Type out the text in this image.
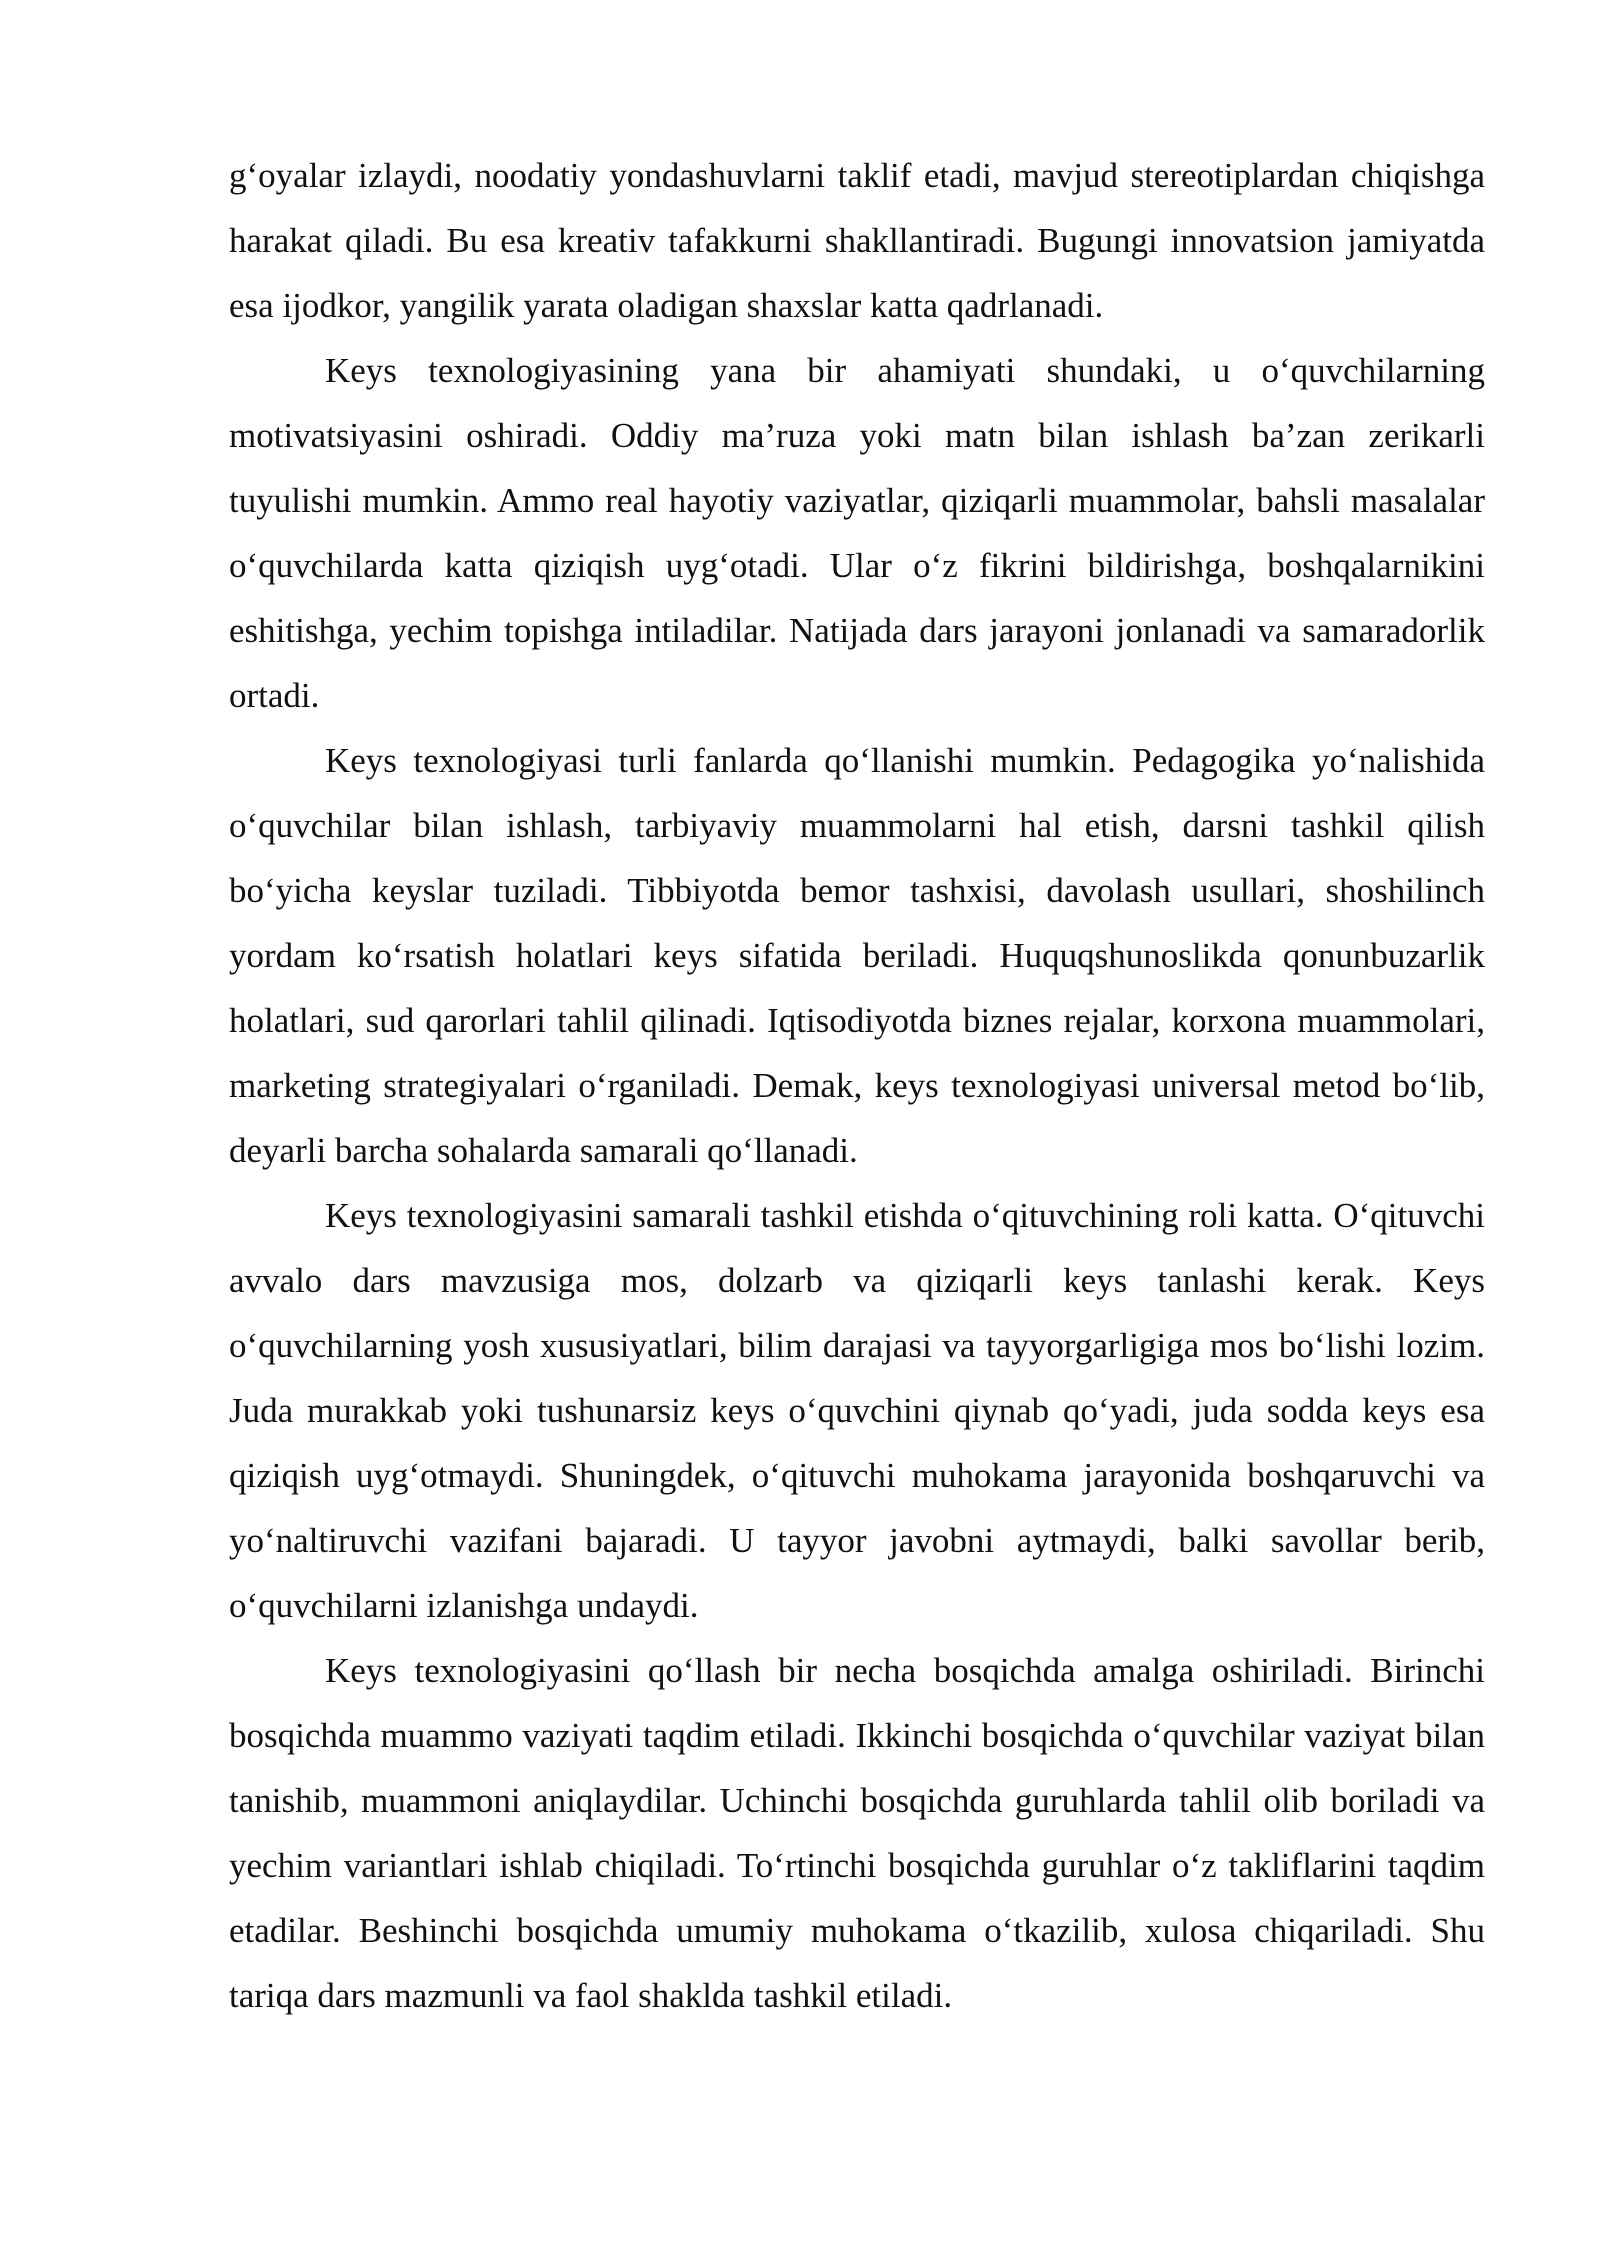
g‘oyalar izlaydi, noodatiy yondashuvlarni taklif etadi, mavjud stereotiplardan chiqishga harakat qiladi. Bu esa kreativ tafakkurni shakllantiradi. Bugungi innovatsion jamiyatda esa ijodkor, yangilik yarata oladigan shaxslar katta qadrlanadi.

Keys texnologiyasining yana bir ahamiyati shundaki, u o‘quvchilarning motivatsiyasini oshiradi. Oddiy ma’ruza yoki matn bilan ishlash ba’zan zerikarli tuyulishi mumkin. Ammo real hayotiy vaziyatlar, qiziqarli muammolar, bahsli masalalar o‘quvchilarda katta qiziqish uyg‘otadi. Ular o‘z fikrini bildirishga, boshqalarnikini eshitishga, yechim topishga intiladilar. Natijada dars jarayoni jonlanadi va samaradorlik ortadi.

Keys texnologiyasi turli fanlarda qo‘llanishi mumkin. Pedagogika yo‘nalishida o‘quvchilar bilan ishlash, tarbiyaviy muammolarni hal etish, darsni tashkil qilish bo‘yicha keyslar tuziladi. Tibbiyotda bemor tashxisi, davolash usullari, shoshilinch yordam ko‘rsatish holatlari keys sifatida beriladi. Huquqshunoslikda qonunbuzarlik holatlari, sud qarorlari tahlil qilinadi. Iqtisodiyotda biznes rejalar, korxona muammolari, marketing strategiyalari o‘rganiladi. Demak, keys texnologiyasi universal metod bo‘lib, deyarli barcha sohalarda samarali qo‘llanadi.

Keys texnologiyasini samarali tashkil etishda o‘qituvchining roli katta. O‘qituvchi avvalo dars mavzusiga mos, dolzarb va qiziqarli keys tanlashi kerak. Keys o‘quvchilarning yosh xususiyatlari, bilim darajasi va tayyorgarligiga mos bo‘lishi lozim. Juda murakkab yoki tushunarsiz keys o‘quvchini qiynab qo‘yadi, juda sodda keys esa qiziqish uyg‘otmaydi. Shuningdek, o‘qituvchi muhokama jarayonida boshqaruvchi va yo‘naltiruvchi vazifani bajaradi. U tayyor javobni aytmaydi, balki savollar berib, o‘quvchilarni izlanishga undaydi.

Keys texnologiyasini qo‘llash bir necha bosqichda amalga oshiriladi. Birinchi bosqichda muammo vaziyati taqdim etiladi. Ikkinchi bosqichda o‘quvchilar vaziyat bilan tanishib, muammoni aniqlaydilar. Uchinchi bosqichda guruhlarda tahlil olib boriladi va yechim variantlari ishlab chiqiladi. To‘rtinchi bosqichda guruhlar o‘z takliflarini taqdim etadilar. Beshinchi bosqichda umumiy muhokama o‘tkazilib, xulosa chiqariladi. Shu tariqa dars mazmunli va faol shaklda tashkil etiladi.
